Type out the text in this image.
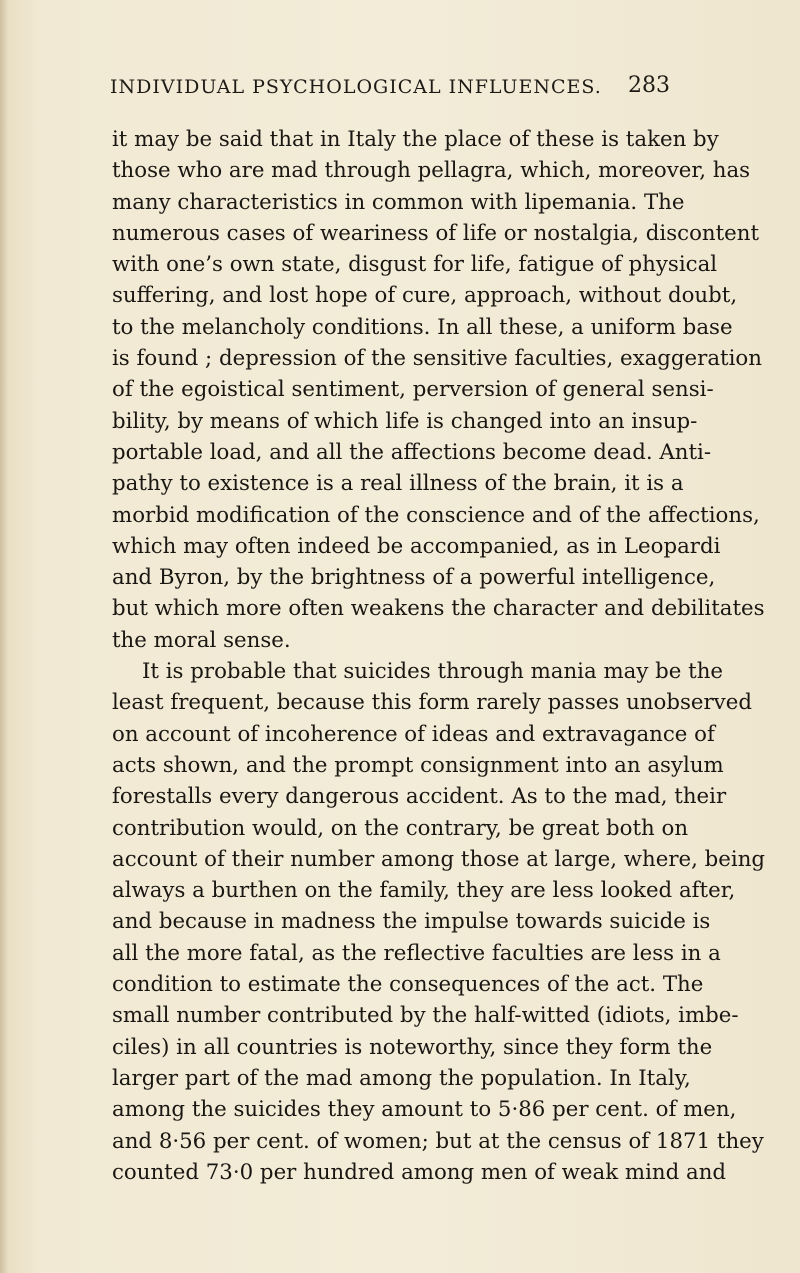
INDIVIDUAL PSYCHOLOGICAL INFLUENCES.	283
it may be said that in Italy the place of these is taken by
those who are mad through pellagra, which, moreover, has
many characteristics in common with lipemania. The
numerous cases of weariness of life or nostalgia, discontent
with one’s own state, disgust for life, fatigue of physical
suffering, and lost hope of cure, approach, without doubt,
to the melancholy conditions. In all these, a uniform base
is found ; depression of the sensitive faculties, exaggeration
of the egoistical sentiment, perversion of general sensi-
bility, by means of which life is changed into an insup-
portable load, and all the affections become dead. Anti-
pathy to existence is a real illness of the brain, it is a
morbid modification of the conscience and of the affections,
which may often indeed be accompanied, as in Leopardi
and Byron, by the brightness of a powerful intelligence,
but which more often weakens the character and debilitates
the moral sense.
It is probable that suicides through mania may be the
least frequent, because this form rarely passes unobserved
on account of incoherence of ideas and extravagance of
acts shown, and the prompt consignment into an asylum
forestalls every dangerous accident. As to the mad, their
contribution would, on the contrary, be great both on
account of their number among those at large, where, being
always a burthen on the family, they are less looked after,
and because in madness the impulse towards suicide is
all the more fatal, as the reflective faculties are less in a
condition to estimate the consequences of the act. The
small number contributed by the half-witted (idiots, imbe-
ciles) in all countries is noteworthy, since they form the
larger part of the mad among the population. In Italy,
among the suicides they amount to 5·86 per cent. of men,
and 8·56 per cent. of women; but at the census of 1871 they
counted 73·0 per hundred among men of weak mind and
